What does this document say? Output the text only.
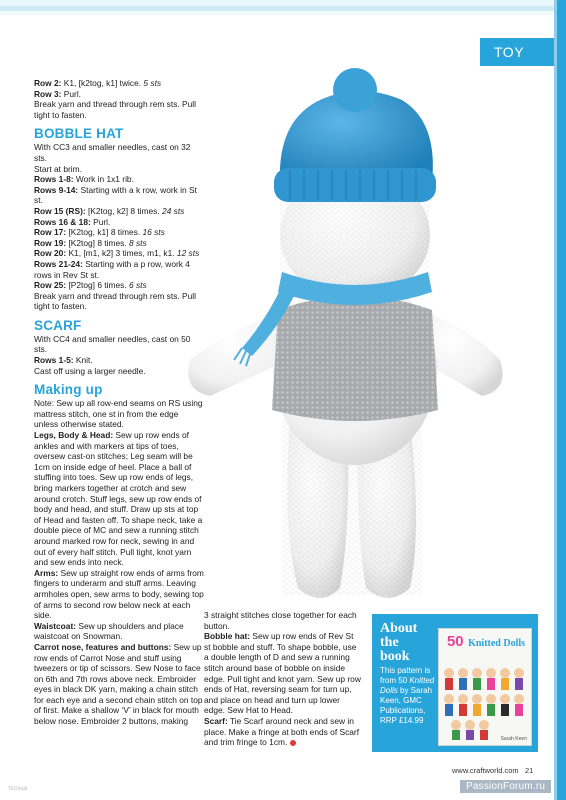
TOY

Row 2: K1, [k2tog, k1] twice. 5 sts

Row 3: Purl.

Break yarn and thread through rem sts. Pull tight to fasten.

BOBBLE HAT

With CC3 and smaller needles, cast on 32 sts.

Start at brim.

Rows 1-8: Work in 1x1 rib.

Rows 9-14: Starting with a k row, work in St st.

Row 15 (RS): [K2tog, k2] 8 times. 24 sts

Rows 16 & 18: Purl.

Row 17: [K2tog, k1] 8 times. 16 sts

Row 19: [K2tog] 8 times. 8 sts

Row 20: K1, [m1, k2] 3 times, m1, k1. 12 sts

Rows 21-24: Starting with a p row, work 4 rows in Rev St st.

Row 25: [P2tog] 6 times. 6 sts

Break yarn and thread through rem sts. Pull tight to fasten.

SCARF

With CC4 and smaller needles, cast on 50 sts.

Rows 1-5: Knit.

Cast off using a larger needle.

Making up

Note: Sew up all row-end seams on RS using mattress stitch, one st in from the edge unless otherwise stated.

Legs, Body & Head: Sew up row ends of ankles and with markers at tips of toes, oversew cast-on stitches; Leg seam will be 1cm on inside edge of heel. Place a ball of stuffing into toes. Sew up row ends of legs, bring markers together at crotch and sew around crotch. Stuff legs, sew up row ends of body and head, and stuff. Draw up sts at top of Head and fasten off. To shape neck, take a double piece of MC and sew a running stitch around marked row for neck, sewing in and out of every half stitch. Pull tight, knot yarn and sew ends into neck.

Arms: Sew up straight row ends of arms from fingers to underarm and stuff arms. Leaving armholes open, sew arms to body, sewing top of arms to second row below neck at each side.

Waistcoat: Sew up shoulders and place waistcoat on Snowman.

Carrot nose, features and buttons: Sew up row ends of Carrot Nose and stuff using tweezers or tip of scissors. Sew Nose to face on 6th and 7th rows above neck. Embroider eyes in black DK yarn, making a chain stitch for each eye and a second chain stitch on top of first. Make a shallow ‘V’ in black for mouth below nose. Embroider 2 buttons, making

3 straight stitches close together for each button.

Bobble hat: Sew up row ends of Rev St st bobble and stuff. To shape bobble, use a double length of D and sew a running stitch around base of bobble on inside edge. Pull tight and knot yarn. Sew up row ends of Hat, reversing seam for turn up, and place on head and turn up lower edge. Sew Hat to Head.

Scarf: Tie Scarf around neck and sew in place. Make a fringe at both ends of Scarf and trim fringe to 1cm.

About the book
This pattern is from 50 Knitted Dolls by Sarah Keen, GMC Publications, RRP £14.99
50 Knitted Dolls
Sarah Keen
www.craftworld.com 21
PassionForum.ru
Tk/2/pub
